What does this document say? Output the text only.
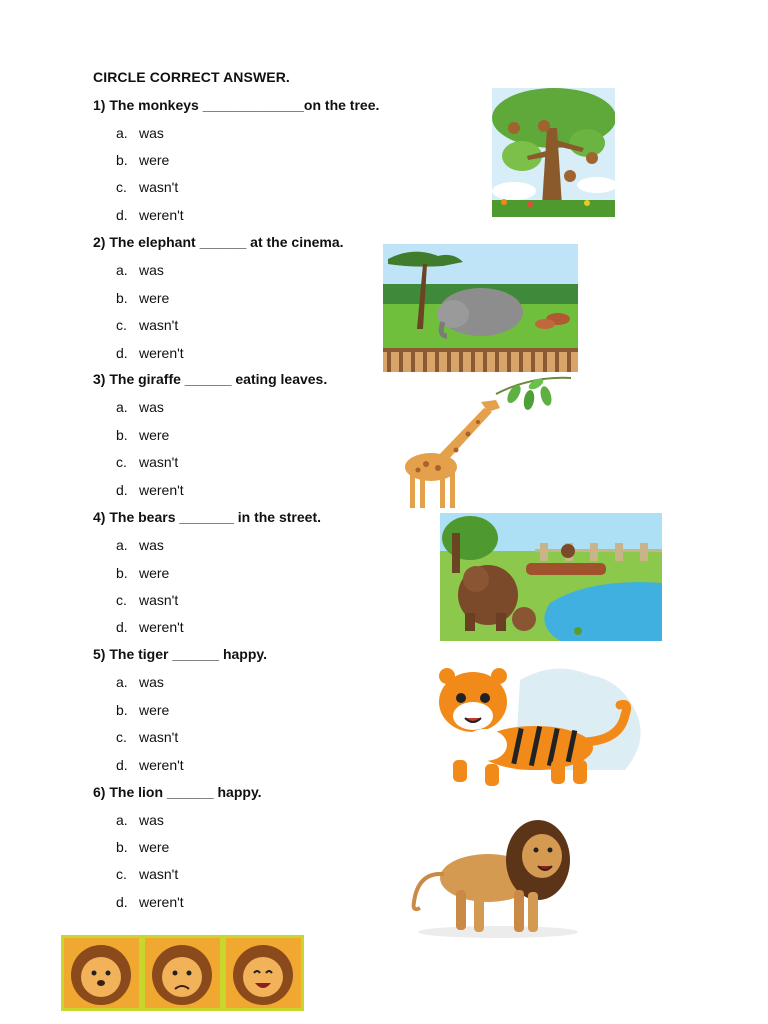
CIRCLE CORRECT ANSWER.
1) The monkeys _____________on the tree.
a. was
b. were
c. wasn't
d. weren't
2) The elephant ______ at the cinema.
a. was
b. were
c. wasn't
d. weren't
3) The giraffe ______ eating leaves.
a. was
b. were
c. wasn't
d. weren't
4) The bears _______ in the street.
a. was
b. were
c. wasn't
d. weren't
5) The tiger ______ happy.
a. was
b. were
c. wasn't
d. weren't
6) The lion ______ happy.
a. was
b. were
c. wasn't
d. weren't
